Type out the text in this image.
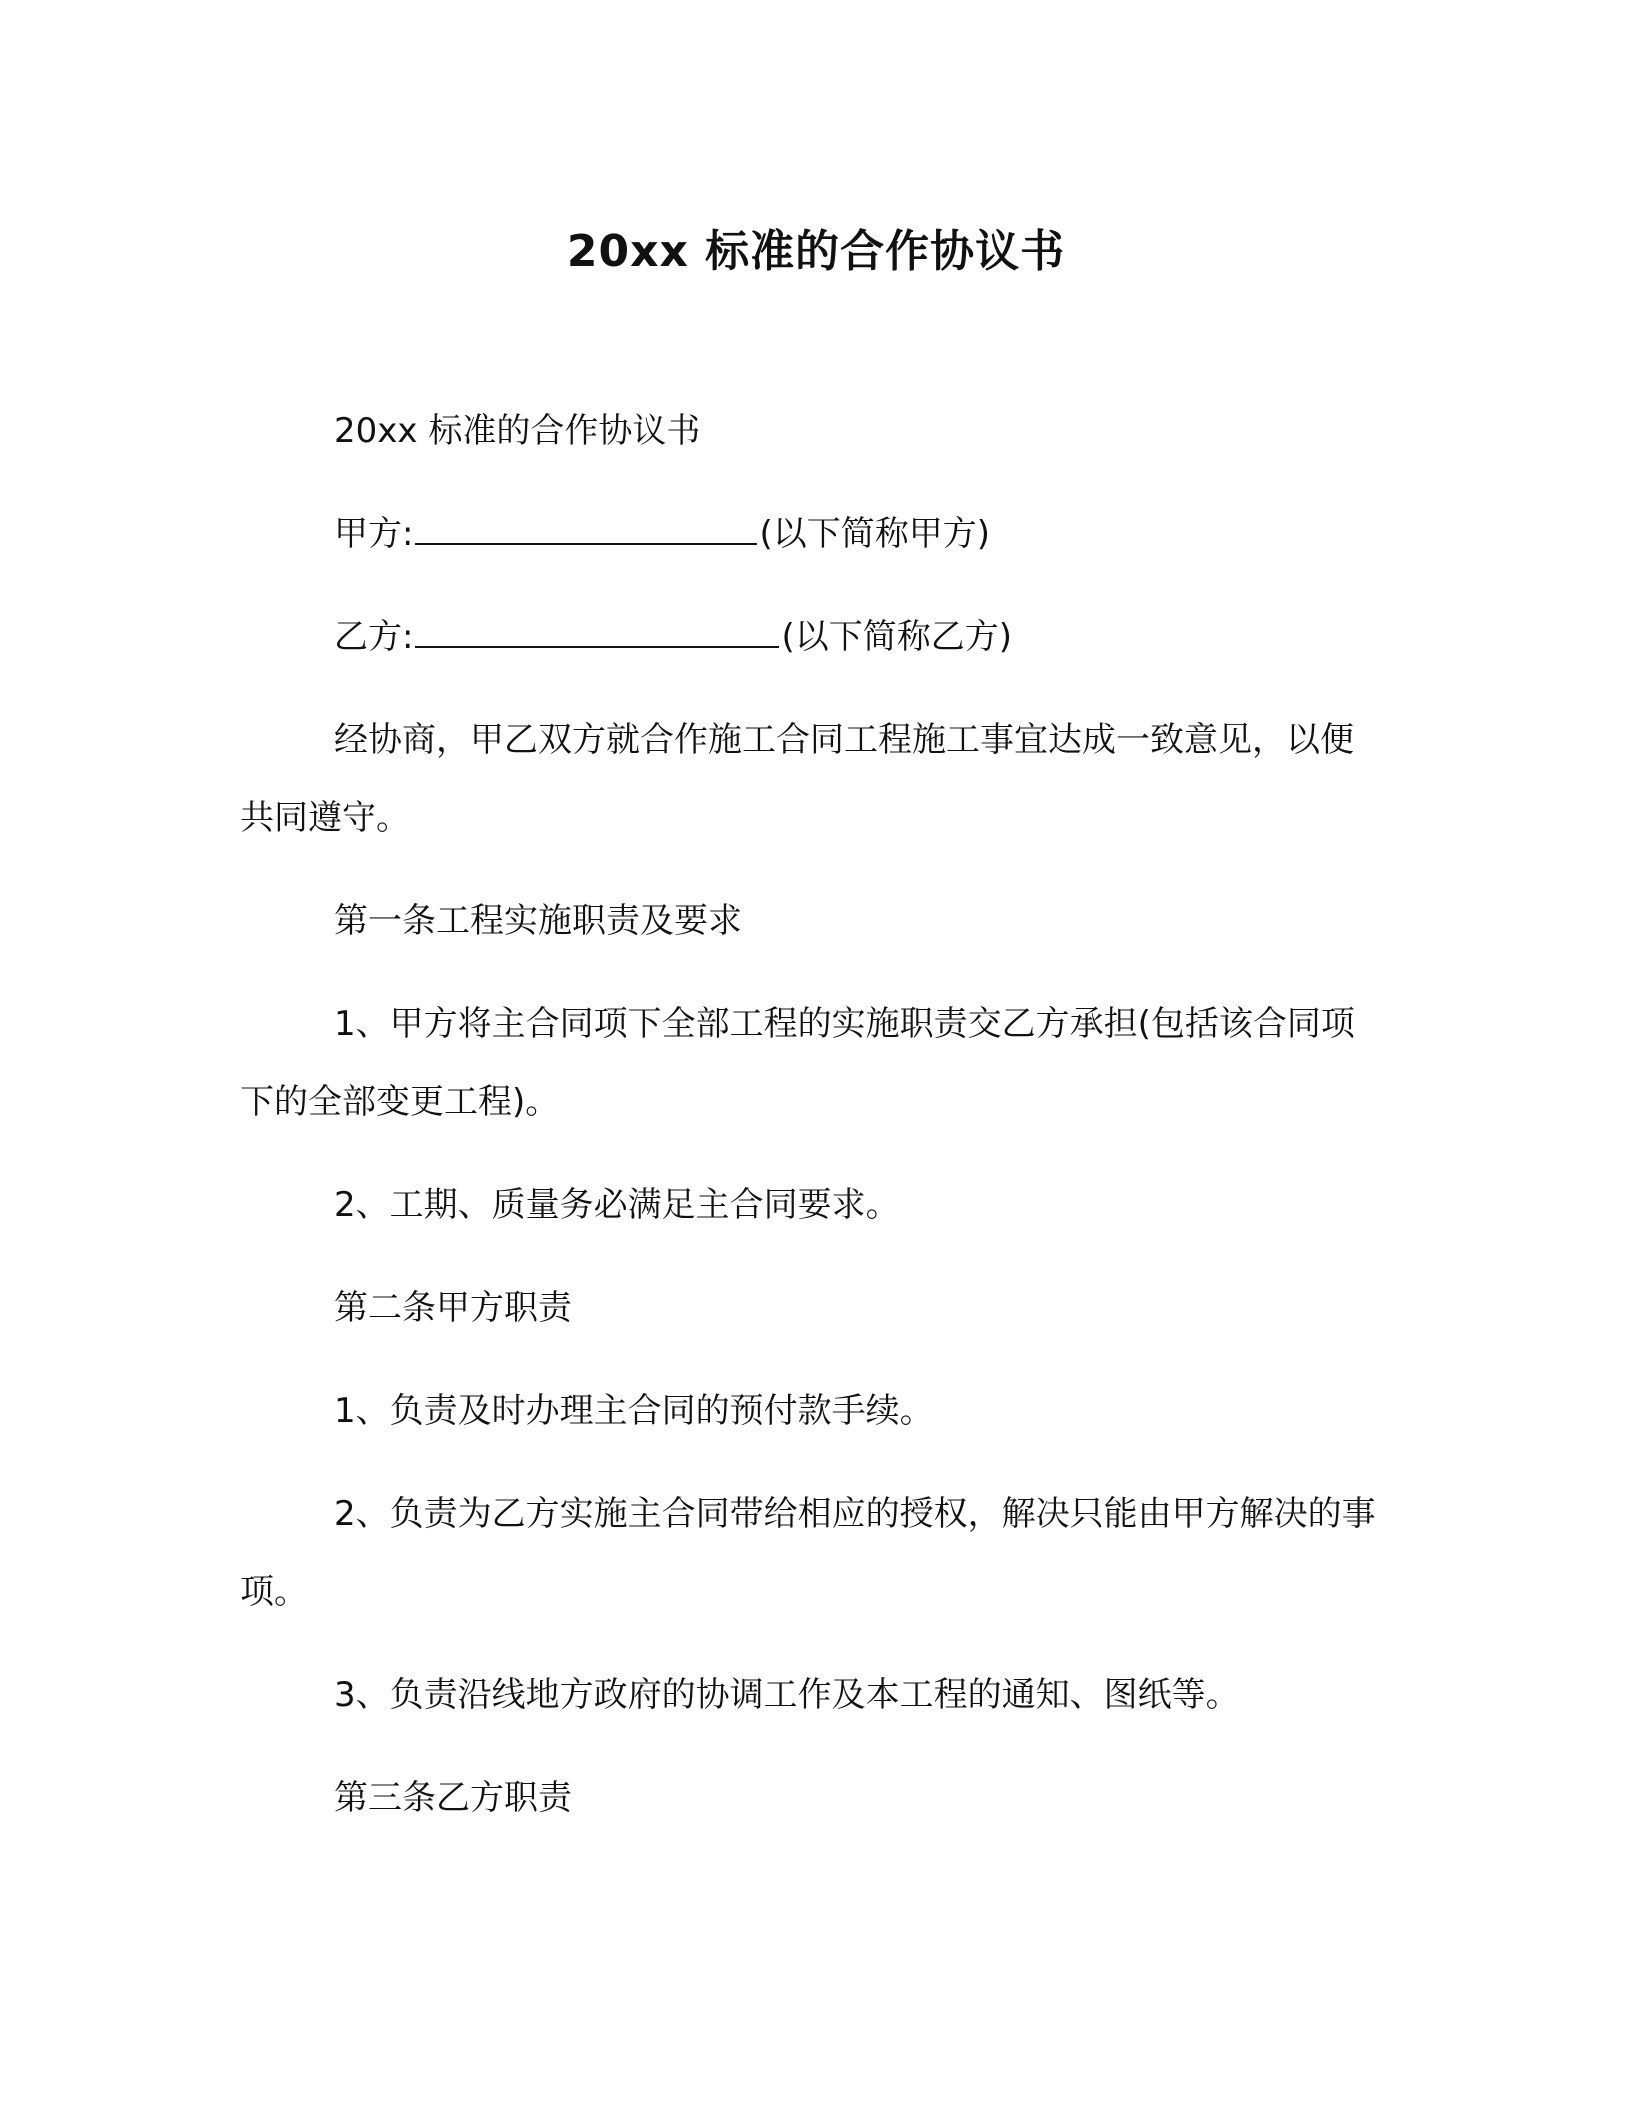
20xx 标准的合作协议书

20xx 标准的合作协议书

甲方:	(以下简称甲方)

乙方:	(以下简称乙方)

经协商，甲乙双方就合作施工合同工程施工事宜达成一致意见，以便共同遵守。

第一条工程实施职责及要求

1、甲方将主合同项下全部工程的实施职责交乙方承担(包括该合同项下的全部变更工程)。

2、工期、质量务必满足主合同要求。

第二条甲方职责

1、负责及时办理主合同的预付款手续。

2、负责为乙方实施主合同带给相应的授权，解决只能由甲方解决的事项。

3、负责沿线地方政府的协调工作及本工程的通知、图纸等。

第三条乙方职责
